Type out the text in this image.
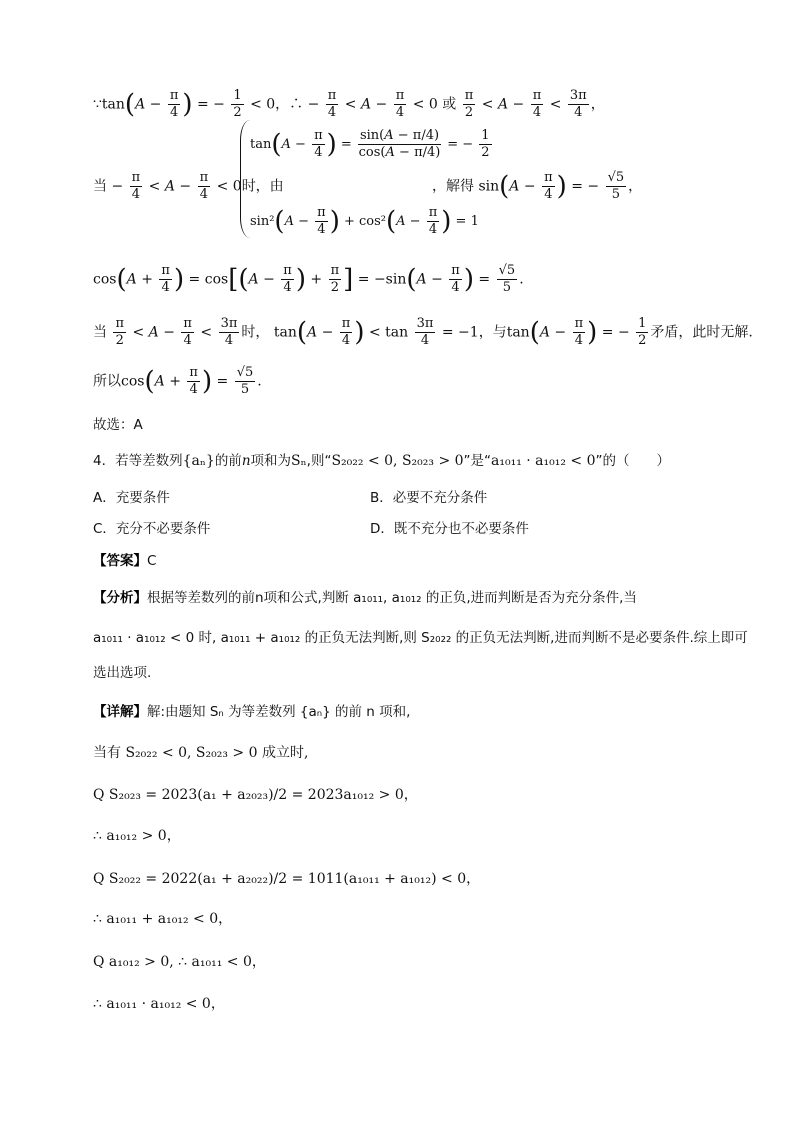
∵tan(A − $\frac{\pi}{4}$ ) = − $\frac{1}{2} < 0$，∴ − $\frac{\pi}{4} < A - \frac{\pi}{4} < 0$ 或 $\frac{\pi}{2} < A - \frac{\pi}{4} < \frac{3\pi}{4}$ ，
当 − $\frac{\pi}{4} < A - \frac{\pi}{4} < 0$时，由
$\tan(A - \frac{\pi}{4}$ ) = $\frac{\sin(A - \pi/4)}{\cos(A - \pi/4)}$ = − $\frac{1}{2}$
$\sin^2(A - \frac{\pi}{4}$ ) + $\cos^2(A - \frac{\pi}{4}$ ) = 1
，解得 $\sin(A - \frac{\pi}{4}$ ) = − $\frac{√5}{5}$ ，
$\cos(A + \frac{\pi}{4}$ ) = $\cos[(A - \frac{\pi}{4}$ ) + $\frac{\pi}{2}$ ] = $-\sin(A - \frac{\pi}{4}$ ) = $\frac{√5}{5}$ .
当 $\frac{\pi}{2} < A - \frac{\pi}{4} < \frac{3\pi}{4}$ 时， $\tan(A - \frac{\pi}{4}$ ) < $\tan \frac{3\pi}{4} = -1$，与$\tan(A - \frac{\pi}{4}$ ) = − $\frac{1}{2}$ 矛盾，此时无解.
所以$\cos(A + \frac{\pi}{4}$ ) = $\frac{√5}{5}$ .
故选：A
4．若等差数列{aₙ}的前n项和为Sₙ,则“S₂₀₂₂ < 0, S₂₀₂₃ > 0”是“a₁₀₁₁ · a₁₀₁₂ < 0”的（　　）
A．充要条件	B．必要不充分条件
C．充分不必要条件	D．既不充分也不必要条件
【答案】C
【分析】根据等差数列的前n项和公式,判断 a₁₀₁₁, a₁₀₁₂ 的正负,进而判断是否为充分条件,当
a₁₀₁₁ · a₁₀₁₂ < 0 时, a₁₀₁₁ + a₁₀₁₂ 的正负无法判断,则 S₂₀₂₂ 的正负无法判断,进而判断不是必要条件.综上即可
选出选项.
【详解】解:由题知 Sₙ 为等差数列 {aₙ} 的前 n 项和,
当有 S₂₀₂₂ < 0, S₂₀₂₃ > 0 成立时,
Q S₂₀₂₃ = 2023(a₁ + a₂₀₂₃)/2 = 2023a₁₀₁₂ > 0，
∴ a₁₀₁₂ > 0，
Q S₂₀₂₂ = 2022(a₁ + a₂₀₂₂)/2 = 1011(a₁₀₁₁ + a₁₀₁₂) < 0，
∴ a₁₀₁₁ + a₁₀₁₂ < 0，
Q a₁₀₁₂ > 0, ∴ a₁₀₁₁ < 0，
∴ a₁₀₁₁ · a₁₀₁₂ < 0，
